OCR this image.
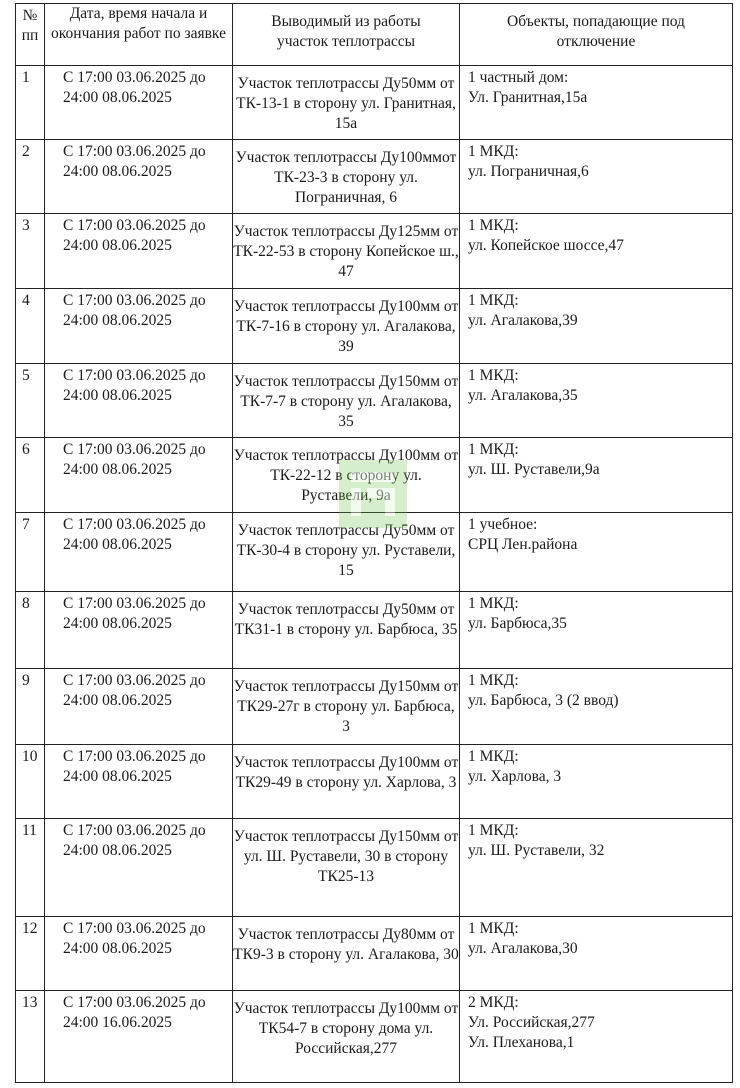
№ пп	Дата, время начала и окончания работ по заявке	Выводимый из работы участок теплотрассы	Объекты, попадающие под отключение

1	С 17:00 03.06.2025 до 24:00 08.06.2025	Участок теплотрассы Ду50мм от ТК-13-1 в сторону ул. Гранитная, 15а	1 частный дом:
Ул. Гранитная,15а

2	С 17:00 03.06.2025 до 24:00 08.06.2025	Участок теплотрассы Ду100ммот ТК-23-3 в сторону ул. Пограничная, 6	1 МКД:
ул. Пограничная,6

3	С 17:00 03.06.2025 до 24:00 08.06.2025	Участок теплотрассы Ду125мм от ТК-22-53 в сторону Копейское ш., 47	1 МКД:
ул. Копейское шоссе,47

4	С 17:00 03.06.2025 до 24:00 08.06.2025	Участок теплотрассы Ду100мм от ТК-7-16 в сторону ул. Агалакова, 39	1 МКД:
ул. Агалакова,39

5	С 17:00 03.06.2025 до 24:00 08.06.2025	Участок теплотрассы Ду150мм от ТК-7-7 в сторону ул. Агалакова, 35	1 МКД:
ул. Агалакова,35

6	С 17:00 03.06.2025 до 24:00 08.06.2025	Участок теплотрассы Ду100мм от ТК-22-12 в сторону ул. Руставели, 9а	1 МКД:
ул. Ш. Руставели,9а

7	С 17:00 03.06.2025 до 24:00 08.06.2025	Участок теплотрассы Ду50мм от ТК-30-4 в сторону ул. Руставели, 15	1 учебное:
СРЦ Лен.района

8	С 17:00 03.06.2025 до 24:00 08.06.2025	Участок теплотрассы Ду50мм от ТК31-1 в сторону ул. Барбюса, 35	1 МКД:
ул. Барбюса,35

9	С 17:00 03.06.2025 до 24:00 08.06.2025	Участок теплотрассы Ду150мм от ТК29-27г в сторону ул. Барбюса, 3	1 МКД:
ул. Барбюса, 3 (2 ввод)

10	С 17:00 03.06.2025 до 24:00 08.06.2025	Участок теплотрассы Ду100мм от ТК29-49 в сторону ул. Харлова, 3	1 МКД:
ул. Харлова, 3

11	С 17:00 03.06.2025 до 24:00 08.06.2025	Участок теплотрассы Ду150мм от ул. Ш. Руставели, 30 в сторону ТК25-13	1 МКД:
ул. Ш. Руставели, 32

12	С 17:00 03.06.2025 до 24:00 08.06.2025	Участок теплотрассы Ду80мм от ТК9-3 в сторону ул. Агалакова, 30	1 МКД:
ул. Агалакова,30

13	С 17:00 03.06.2025 до 24:00 16.06.2025	Участок теплотрассы Ду100мм от ТК54-7 в сторону дома ул. Российская,277	2 МКД:
Ул. Российская,277
Ул. Плеханова,1
